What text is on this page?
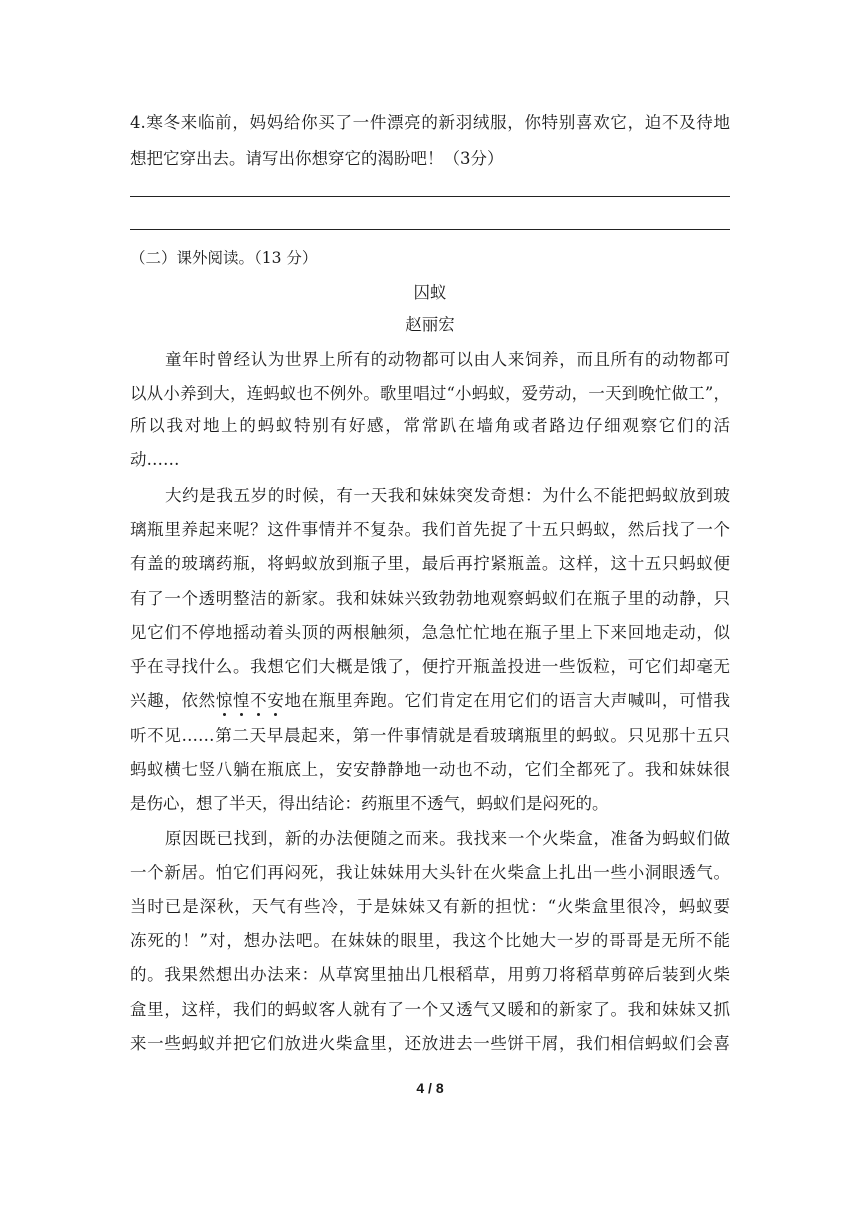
4.寒冬来临前，妈妈给你买了一件漂亮的新羽绒服，你特别喜欢它，迫不及待地
想把它穿出去。请写出你想穿它的渴盼吧！（3分）
（二）课外阅读。（13 分）
囚蚁
赵丽宏
童年时曾经认为世界上所有的动物都可以由人来饲养，而且所有的动物都可
以从小养到大，连蚂蚁也不例外。歌里唱过“小蚂蚁，爱劳动，一天到晚忙做工”，
所以我对地上的蚂蚁特别有好感，常常趴在墙角或者路边仔细观察它们的活
动……
大约是我五岁的时候，有一天我和妹妹突发奇想：为什么不能把蚂蚁放到玻
璃瓶里养起来呢？这件事情并不复杂。我们首先捉了十五只蚂蚁，然后找了一个
有盖的玻璃药瓶，将蚂蚁放到瓶子里，最后再拧紧瓶盖。这样，这十五只蚂蚁便
有了一个透明整洁的新家。我和妹妹兴致勃勃地观察蚂蚁们在瓶子里的动静，只
见它们不停地摇动着头顶的两根触须，急急忙忙地在瓶子里上下来回地走动，似
乎在寻找什么。我想它们大概是饿了，便拧开瓶盖投进一些饭粒，可它们却毫无
兴趣，依然惊惶不安地在瓶里奔跑。它们肯定在用它们的语言大声喊叫，可惜我
听不见……第二天早晨起来，第一件事情就是看玻璃瓶里的蚂蚁。只见那十五只
蚂蚁横七竖八躺在瓶底上，安安静静地一动也不动，它们全都死了。我和妹妹很
是伤心，想了半天，得出结论：药瓶里不透气，蚂蚁们是闷死的。
原因既已找到，新的办法便随之而来。我找来一个火柴盒，准备为蚂蚁们做
一个新居。怕它们再闷死，我让妹妹用大头针在火柴盒上扎出一些小洞眼透气。
当时已是深秋，天气有些冷，于是妹妹又有新的担忧：“火柴盒里很冷，蚂蚁要
冻死的！”对，想办法吧。在妹妹的眼里，我这个比她大一岁的哥哥是无所不能
的。我果然想出办法来：从草窝里抽出几根稻草，用剪刀将稻草剪碎后装到火柴
盒里，这样，我们的蚂蚁客人就有了一个又透气又暖和的新家了。我和妹妹又抓
来一些蚂蚁并把它们放进火柴盒里，还放进去一些饼干屑，我们相信蚂蚁们会喜
4 / 8
